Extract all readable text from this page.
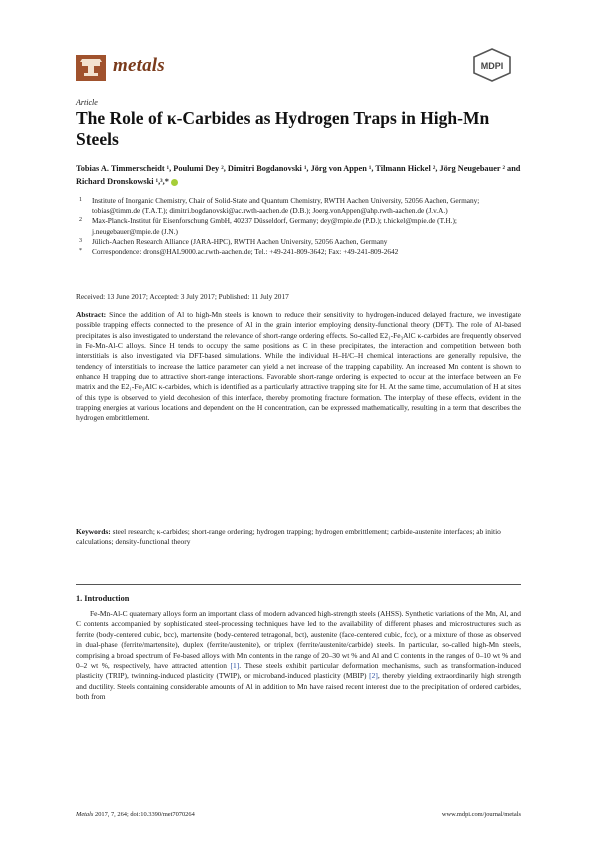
metals	MDPI
Article
The Role of κ-Carbides as Hydrogen Traps in High-Mn Steels
Tobias A. Timmerscheidt ¹, Poulumi Dey ², Dimitri Bogdanovski ¹, Jörg von Appen ¹, Tilmann Hickel ², Jörg Neugebauer ² and Richard Dronskowski ¹,³,*
1 Institute of Inorganic Chemistry, Chair of Solid-State and Quantum Chemistry, RWTH Aachen University, 52056 Aachen, Germany; tobias@timm.de (T.A.T.); dimitri.bogdanovski@ac.rwth-aachen.de (D.B.); Joerg.vonAppen@ahp.rwth-aachen.de (J.v.A.)
2 Max-Planck-Institut für Eisenforschung GmbH, 40237 Düsseldorf, Germany; dey@mpie.de (P.D.); t.hickel@mpie.de (T.H.); j.neugebauer@mpie.de (J.N.)
3 Jülich-Aachen Research Alliance (JARA-HPC), RWTH Aachen University, 52056 Aachen, Germany
* Correspondence: drons@HAL9000.ac.rwth-aachen.de; Tel.: +49-241-809-3642; Fax: +49-241-809-2642
Received: 13 June 2017; Accepted: 3 July 2017; Published: 11 July 2017

Abstract: Since the addition of Al to high-Mn steels is known to reduce their sensitivity to hydrogen-induced delayed fracture, we investigate possible trapping effects connected to the presence of Al in the grain interior employing density-functional theory (DFT). The role of Al-based precipitates is also investigated to understand the relevance of short-range ordering effects. So-called E2₁-Fe₃AlC κ-carbides are frequently observed in Fe-Mn-Al-C alloys. Since H tends to occupy the same positions as C in these precipitates, the interaction and competition between both interstitials is also investigated via DFT-based simulations. While the individual H–H/C–H chemical interactions are generally repulsive, the tendency of interstitials to increase the lattice parameter can yield a net increase of the trapping capability. An increased Mn content is shown to enhance H trapping due to attractive short-range interactions. Favorable short-range ordering is expected to occur at the interface between an Fe matrix and the E2₁-Fe₃AlC κ-carbides, which is identified as a particularly attractive trapping site for H. At the same time, accumulation of H at sites of this type is observed to yield decohesion of this interface, thereby promoting fracture formation. The interplay of these effects, evident in the trapping energies at various locations and dependent on the H concentration, can be expressed mathematically, resulting in a term that describes the hydrogen embrittlement.

Keywords: steel research; κ-carbides; short-range ordering; hydrogen trapping; hydrogen embrittlement; carbide-austenite interfaces; ab initio calculations; density-functional theory

1. Introduction

Fe-Mn-Al-C quaternary alloys form an important class of modern advanced high-strength steels (AHSS). Synthetic variations of the Mn, Al, and C contents accompanied by sophisticated steel-processing techniques have led to the availability of different phases and microstructures such as ferrite (body-centered cubic, bcc), martensite (body-centered tetragonal, bct), austenite (face-centered cubic, fcc), or a mixture of those as observed in dual-phase (ferrite/martensite), duplex (ferrite/austenite), or triplex (ferrite/austenite/carbide) steels. In particular, so-called high-Mn steels, comprising a broad spectrum of Fe-based alloys with Mn contents in the range of 20–30 wt % and Al and C contents in the ranges of 0–10 wt % and 0–2 wt %, respectively, have attracted attention [1]. These steels exhibit particular deformation mechanisms, such as transformation-induced plasticity (TRIP), twinning-induced plasticity (TWIP), or microband-induced plasticity (MBIP) [2], thereby yielding extraordinarily high strength and ductility. Steels containing considerable amounts of Al in addition to Mn have raised recent interest due to the precipitation of ordered carbides, both from

Metals 2017, 7, 264; doi:10.3390/met7070264	www.mdpi.com/journal/metals
